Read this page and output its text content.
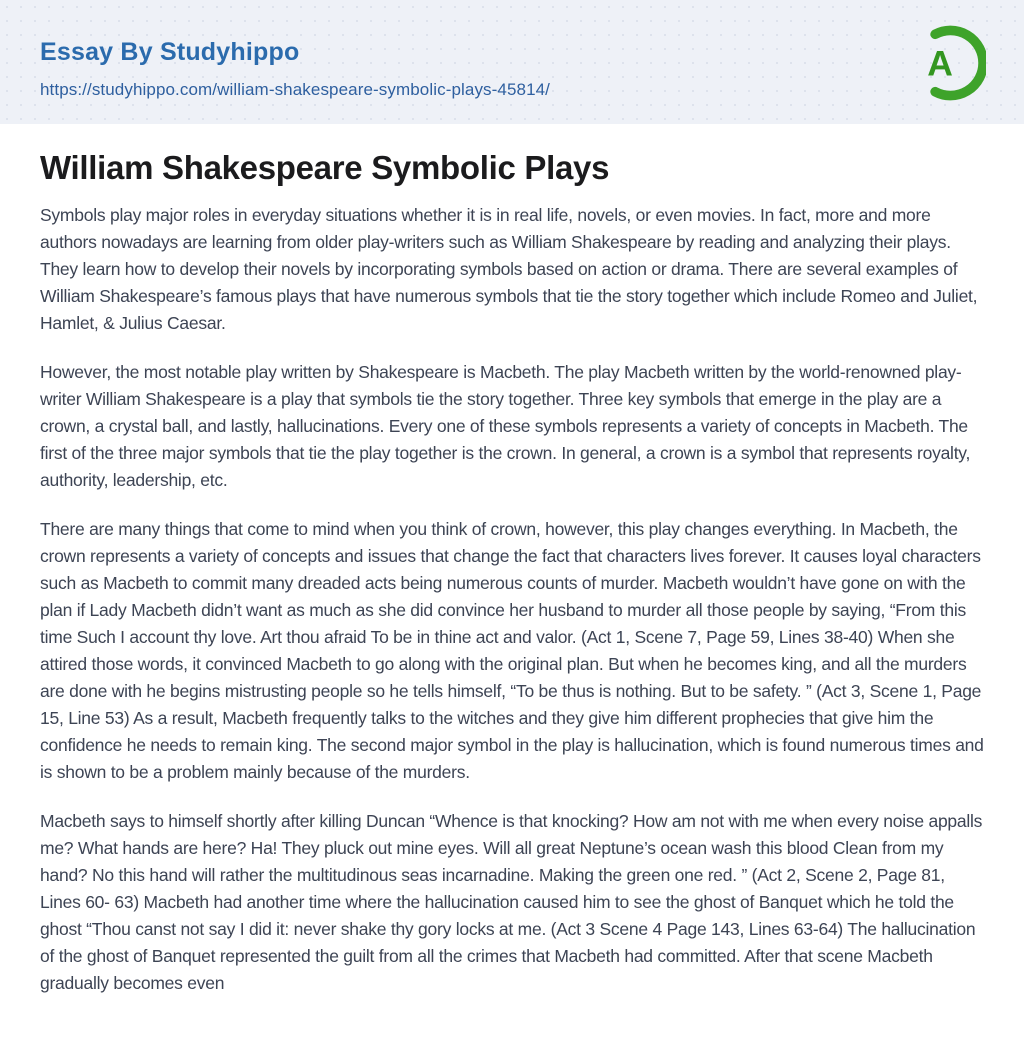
Essay By Studyhippo
https://studyhippo.com/william-shakespeare-symbolic-plays-45814/
A
William Shakespeare Symbolic Plays

Symbols play major roles in everyday situations whether it is in real life, novels, or even movies. In fact, more and more authors nowadays are learning from older play-writers such as William Shakespeare by reading and analyzing their plays. They learn how to develop their novels by incorporating symbols based on action or drama. There are several examples of William Shakespeare’s famous plays that have numerous symbols that tie the story together which include Romeo and Juliet, Hamlet, & Julius Caesar.

However, the most notable play written by Shakespeare is Macbeth. The play Macbeth written by the world-renowned play-writer William Shakespeare is a play that symbols tie the story together. Three key symbols that emerge in the play are a crown, a crystal ball, and lastly, hallucinations. Every one of these symbols represents a variety of concepts in Macbeth. The first of the three major symbols that tie the play together is the crown. In general, a crown is a symbol that represents royalty, authority, leadership, etc.

There are many things that come to mind when you think of crown, however, this play changes everything. In Macbeth, the crown represents a variety of concepts and issues that change the fact that characters lives forever. It causes loyal characters such as Macbeth to commit many dreaded acts being numerous counts of murder. Macbeth wouldn’t have gone on with the plan if Lady Macbeth didn’t want as much as she did convince her husband to murder all those people by saying, “From this time Such I account thy love. Art thou afraid To be in thine act and valor. (Act 1, Scene 7, Page 59, Lines 38-40) When she attired those words, it convinced Macbeth to go along with the original plan. But when he becomes king, and all the murders are done with he begins mistrusting people so he tells himself, “To be thus is nothing. But to be safety. ” (Act 3, Scene 1, Page 15, Line 53) As a result, Macbeth frequently talks to the witches and they give him different prophecies that give him the confidence he needs to remain king. The second major symbol in the play is hallucination, which is found numerous times and is shown to be a problem mainly because of the murders.

Macbeth says to himself shortly after killing Duncan “Whence is that knocking? How am not with me when every noise appalls me? What hands are here? Ha! They pluck out mine eyes. Will all great Neptune’s ocean wash this blood Clean from my hand? No this hand will rather the multitudinous seas incarnadine. Making the green one red. ” (Act 2, Scene 2, Page 81, Lines 60- 63) Macbeth had another time where the hallucination caused him to see the ghost of Banquet which he told the ghost “Thou canst not say I did it: never shake thy gory locks at me. (Act 3 Scene 4 Page 143, Lines 63-64) The hallucination of the ghost of Banquet represented the guilt from all the crimes that Macbeth had committed. After that scene Macbeth gradually becomes even
